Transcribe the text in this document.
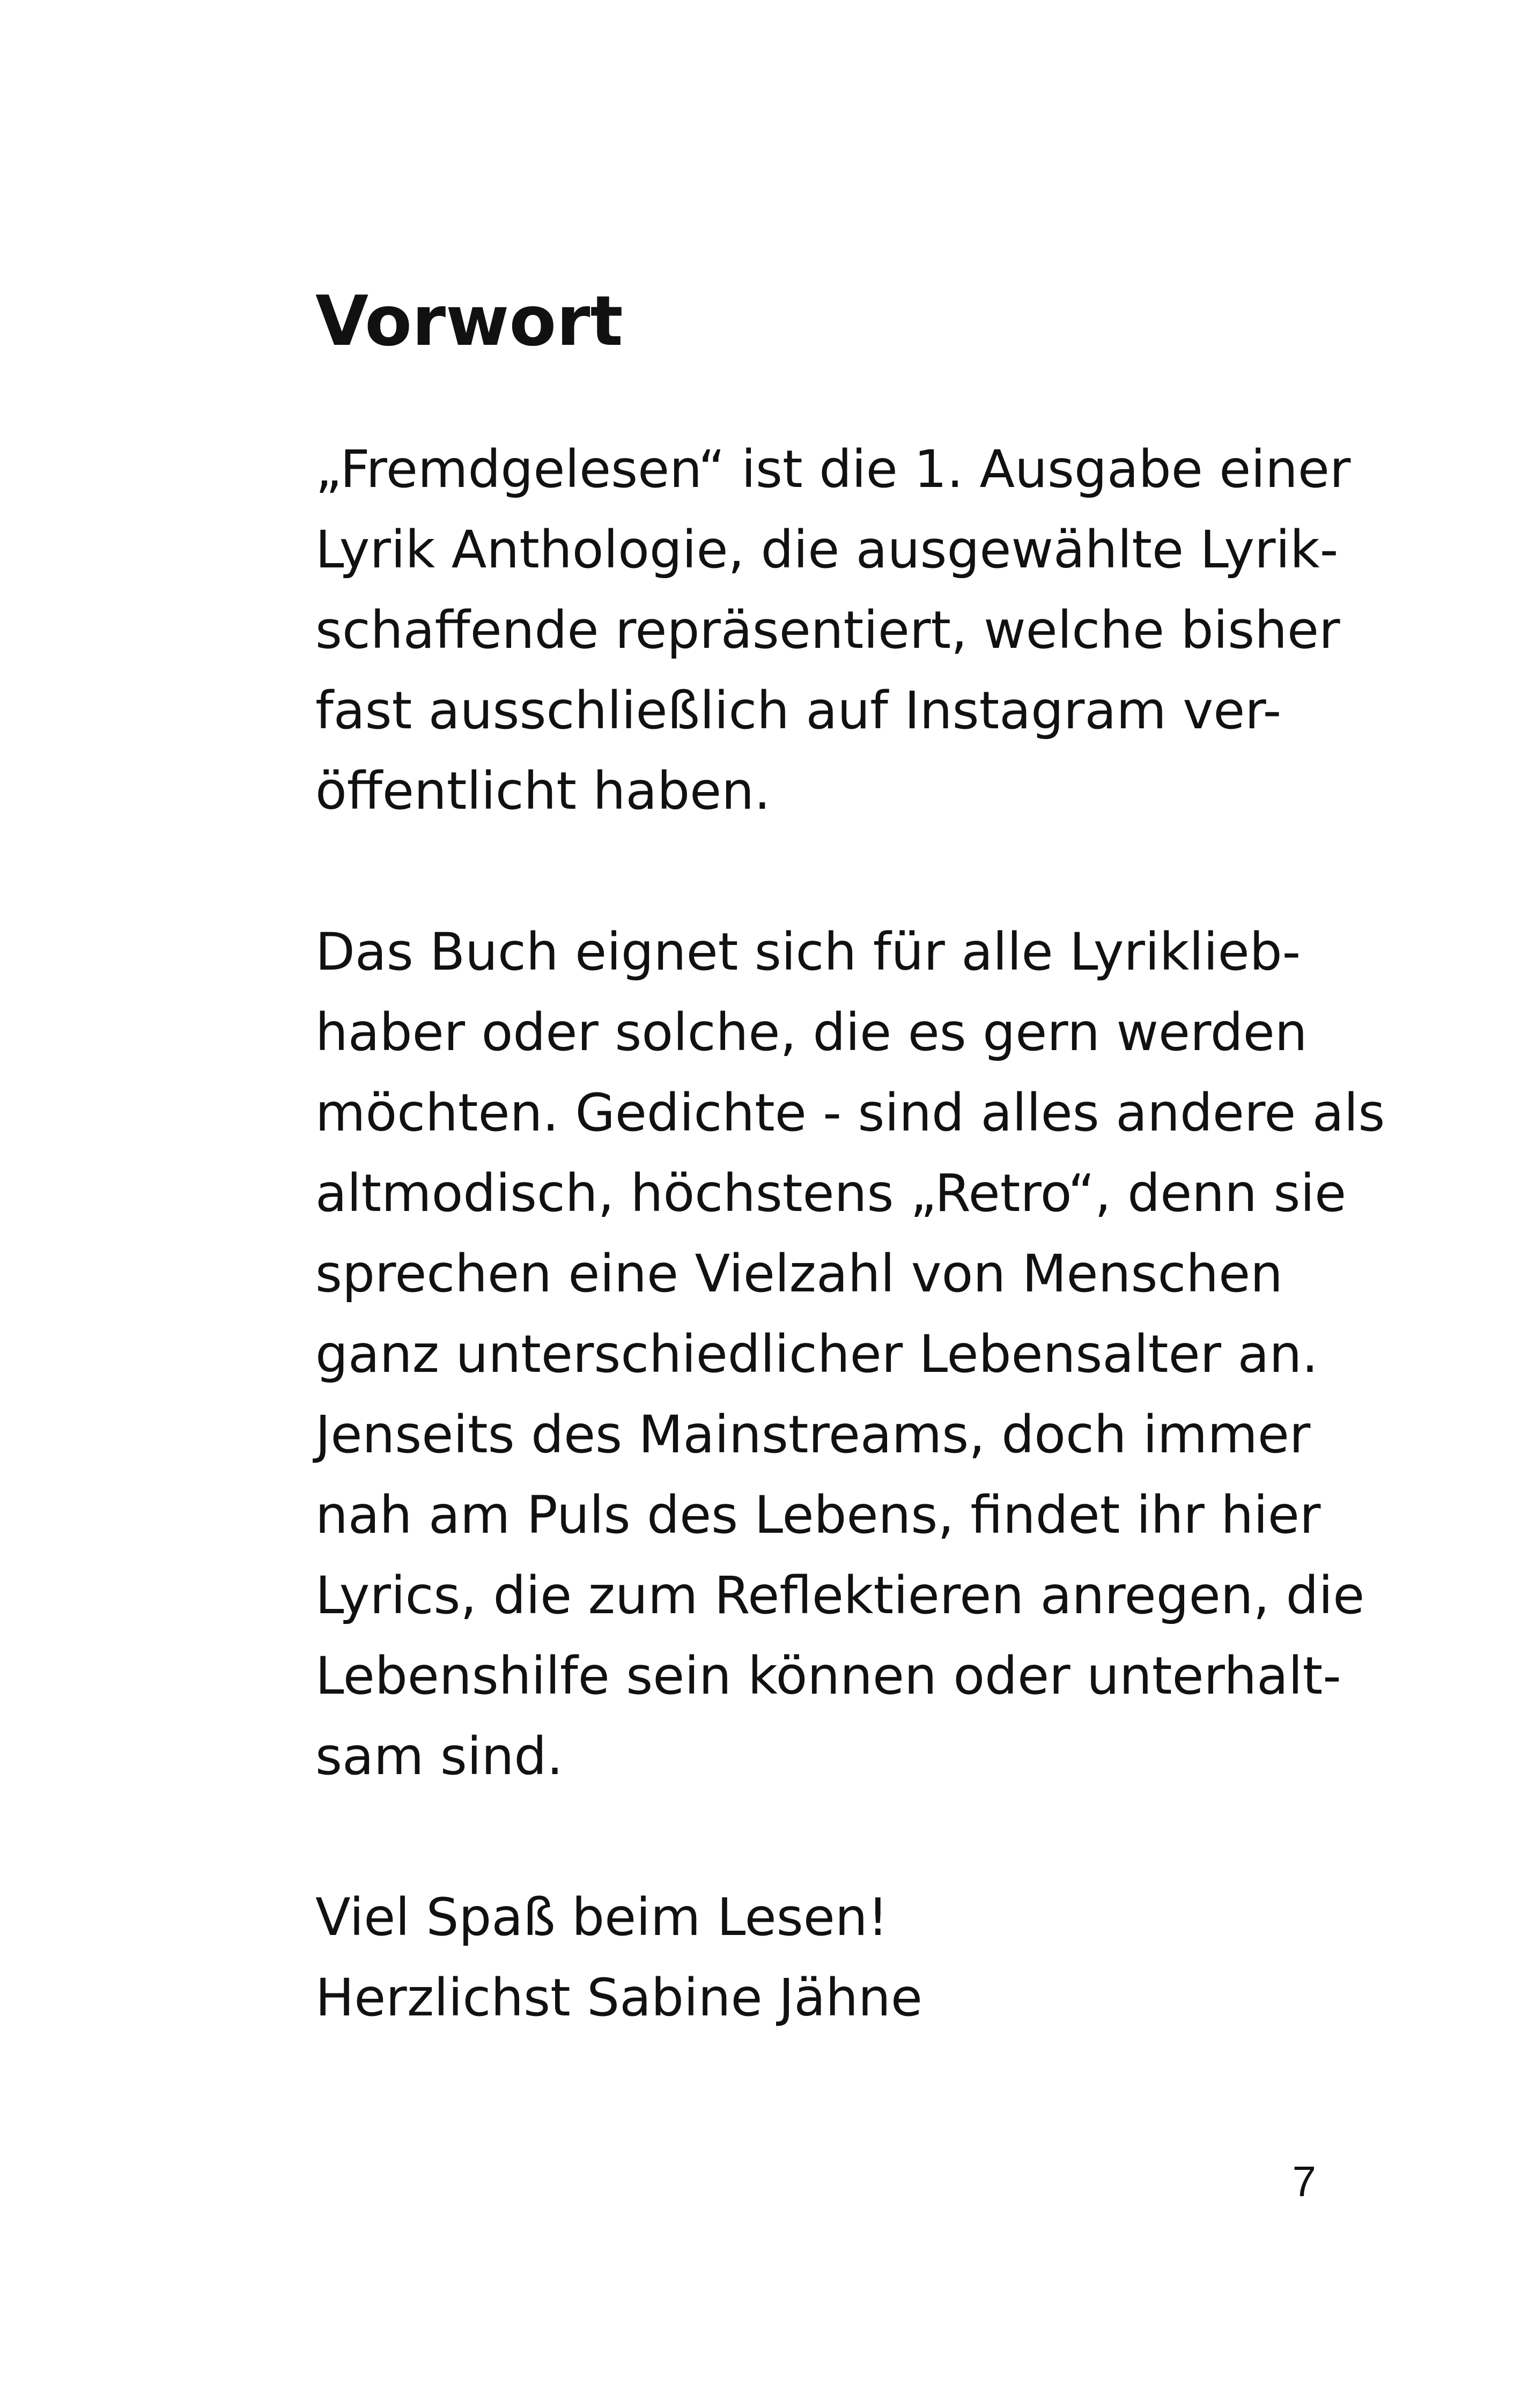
Vorwort
„Fremdgelesen“ ist die 1. Ausgabe einer
Lyrik Anthologie, die ausgewählte Lyrik-
schaffende repräsentiert, welche bisher
fast ausschließlich auf Instagram ver-
öffentlicht haben.
Das Buch eignet sich für alle Lyriklieb-
haber oder solche, die es gern werden
möchten. Gedichte - sind alles andere als
altmodisch, höchstens „Retro“, denn sie
sprechen eine Vielzahl von Menschen
ganz unterschiedlicher Lebensalter an.
Jenseits des Mainstreams, doch immer
nah am Puls des Lebens, findet ihr hier
Lyrics, die zum Reflektieren anregen, die
Lebenshilfe sein können oder unterhalt-
sam sind.
Viel Spaß beim Lesen!
Herzlichst Sabine Jähne
7
